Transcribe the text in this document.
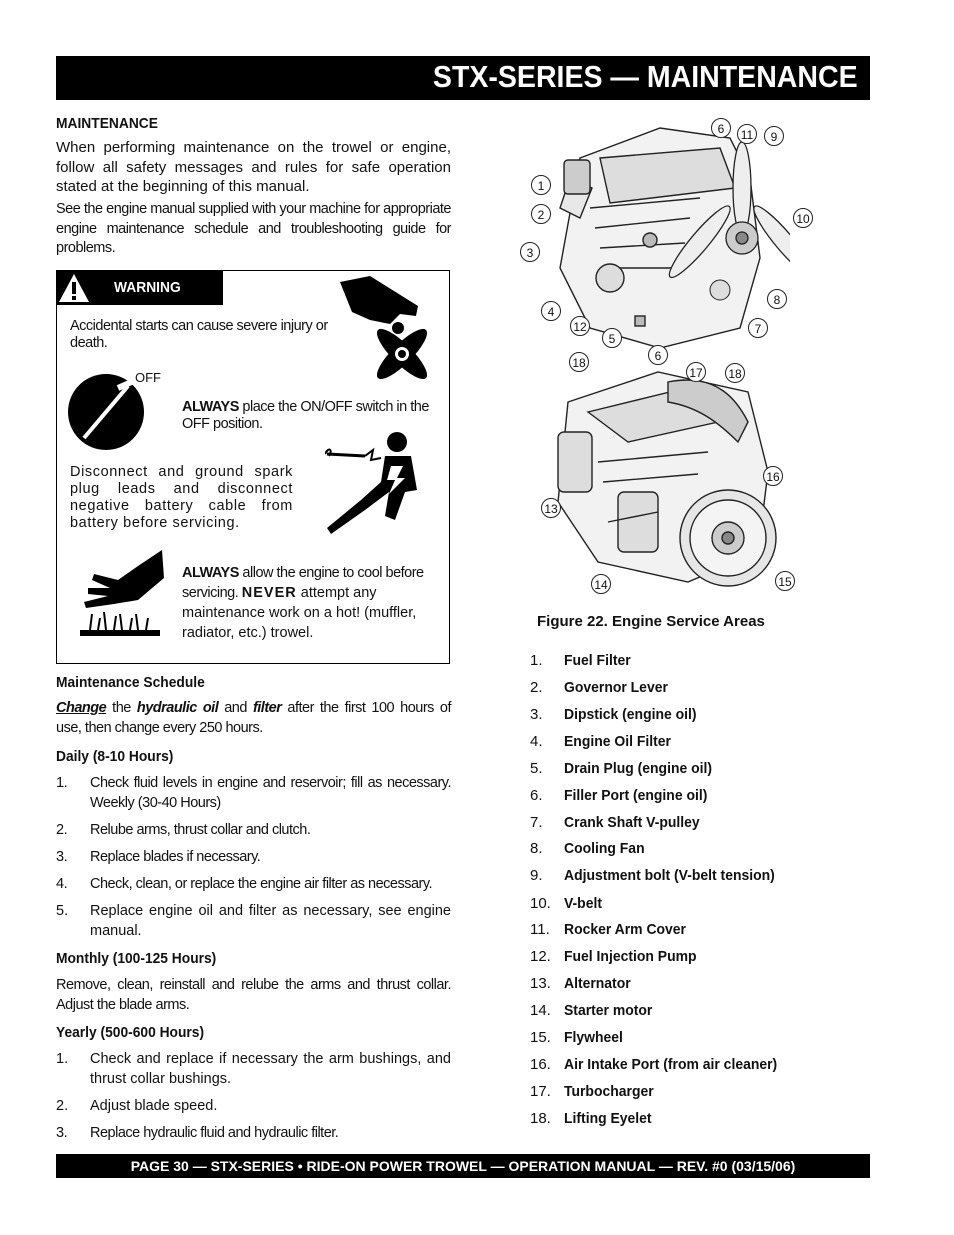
STX-SERIES — MAINTENANCE
MAINTENANCE
When performing maintenance on the trowel or engine, follow all safety messages and rules for safe operation stated at the beginning of this manual.
See the engine manual supplied with your machine for appropriate engine maintenance schedule and troubleshooting guide for problems.
WARNING
Accidental starts can cause severe injury or death.
OFF
ALWAYS place the ON/OFF switch in the OFF position.
Disconnect and ground spark plug leads and disconnect negative battery cable from battery before servicing.
ALWAYS allow the engine to cool before servicing. NEVER attempt any maintenance work on a hot! (muffler, radiator, etc.) trowel.
Maintenance Schedule
Change the hydraulic oil and filter after the first 100 hours of use, then change every 250 hours.
Daily (8-10 Hours)
1. Check fluid levels in engine and reservoir; fill as necessary. Weekly (30-40 Hours)
2. Relube arms, thrust collar and clutch.
3. Replace blades if necessary.
4. Check, clean, or replace the engine air filter as necessary.
5. Replace engine oil and filter as necessary, see engine manual.
Monthly (100-125 Hours)
Remove, clean, reinstall and relube the arms and thrust collar. Adjust the blade arms.
Yearly (500-600 Hours)
1. Check and replace if necessary the arm bushings, and thrust collar bushings.
2. Adjust blade speed.
3. Replace hydraulic fluid and hydraulic filter.
6	11	9
1
2	10
3
4
8
12
5
7
6
18
17 18
16
13
14	15
Figure 22. Engine Service Areas
1.	Fuel Filter
2.	Governor Lever
3.	Dipstick (engine oil)
4.	Engine Oil Filter
5.	Drain Plug (engine oil)
6.	Filler Port (engine oil)
7.	Crank Shaft V-pulley
8.	Cooling Fan
9.	Adjustment bolt (V-belt tension)
10. V-belt
11. Rocker Arm Cover
12. Fuel Injection Pump
13. Alternator
14. Starter motor
15. Flywheel
16. Air Intake Port (from air cleaner)
17. Turbocharger
18. Lifting Eyelet
PAGE 30 — STX-SERIES • RIDE-ON POWER TROWEL — OPERATION MANUAL — REV. #0 (03/15/06)
